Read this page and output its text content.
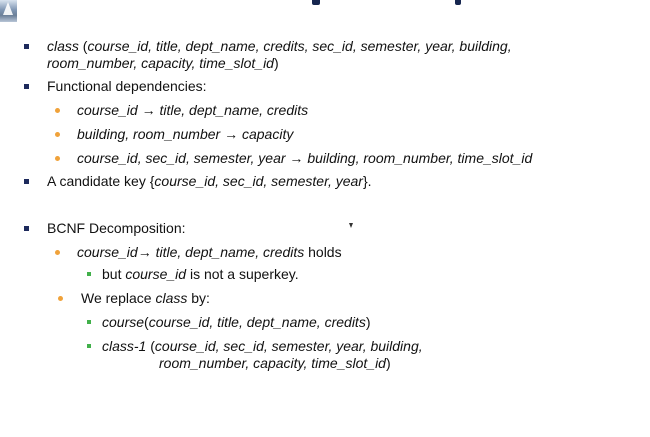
class (course_id, title, dept_name, credits, sec_id, semester, year, building,
room_number, capacity, time_slot_id)
Functional dependencies:
course_id → title, dept_name, credits
building, room_number → capacity
course_id, sec_id, semester, year → building, room_number, time_slot_id
A candidate key {course_id, sec_id, semester, year}.
BCNF Decomposition:
course_id→ title, dept_name, credits holds
but course_id is not a superkey.
We replace class by:
course(course_id, title, dept_name, credits)
class-1 (course_id, sec_id, semester, year, building,
room_number, capacity, time_slot_id)
